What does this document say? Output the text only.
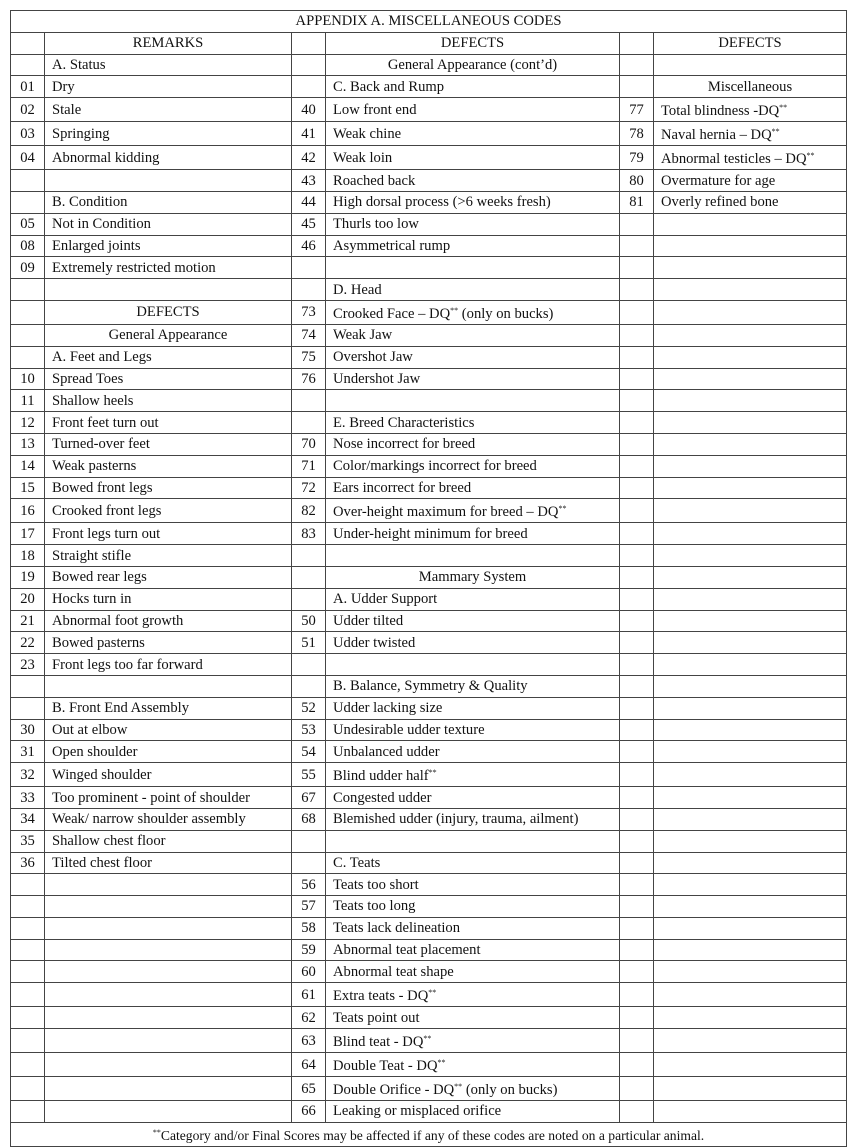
APPENDIX A. MISCELLANEOUS CODES					
	REMARKS		DEFECTS		DEFECTS
	A. Status		General Appearance (cont’d)		
01	Dry		C. Back and Rump		Miscellaneous
02	Stale	40	Low front end	77	Total blindness -DQ**
03	Springing	41	Weak chine	78	Naval hernia – DQ**
04	Abnormal kidding	42	Weak loin	79	Abnormal testicles – DQ**
		43	Roached back	80	Overmature for age
	B. Condition	44	High dorsal process (>6 weeks fresh)	81	Overly refined bone
05	Not in Condition	45	Thurls too low		
08	Enlarged joints	46	Asymmetrical rump		
09	Extremely restricted motion				
			D. Head		
	DEFECTS	73	Crooked Face – DQ** (only on bucks)		
	General Appearance	74	Weak Jaw		
	A. Feet and Legs	75	Overshot Jaw		
10	Spread Toes	76	Undershot Jaw		
11	Shallow heels				
12	Front feet turn out		E. Breed Characteristics		
13	Turned-over feet	70	Nose incorrect for breed		
14	Weak pasterns	71	Color/markings incorrect for breed		
15	Bowed front legs	72	Ears incorrect for breed		
16	Crooked front legs	82	Over-height maximum for breed – DQ**		
17	Front legs turn out	83	Under-height minimum for breed		
18	Straight stifle				
19	Bowed rear legs		Mammary System		
20	Hocks turn in		A. Udder Support		
21	Abnormal foot growth	50	Udder tilted		
22	Bowed pasterns	51	Udder twisted		
23	Front legs too far forward				
			B. Balance, Symmetry & Quality		
	B. Front End Assembly	52	Udder lacking size		
30	Out at elbow	53	Undesirable udder texture		
31	Open shoulder	54	Unbalanced udder		
32	Winged shoulder	55	Blind udder half**		
33	Too prominent - point of shoulder	67	Congested udder		
34	Weak/ narrow shoulder assembly	68	Blemished udder (injury, trauma, ailment)		
35	Shallow chest floor				
36	Tilted chest floor		C. Teats		
		56	Teats too short		
		57	Teats too long		
		58	Teats lack delineation		
		59	Abnormal teat placement		
		60	Abnormal teat shape		
		61	Extra teats - DQ**		
		62	Teats point out		
		63	Blind teat - DQ**		
		64	Double Teat - DQ**		
		65	Double Orifice - DQ** (only on bucks)		
		66	Leaking or misplaced orifice		
**Category and/or Final Scores may be affected if any of these codes are noted on a particular animal.					
